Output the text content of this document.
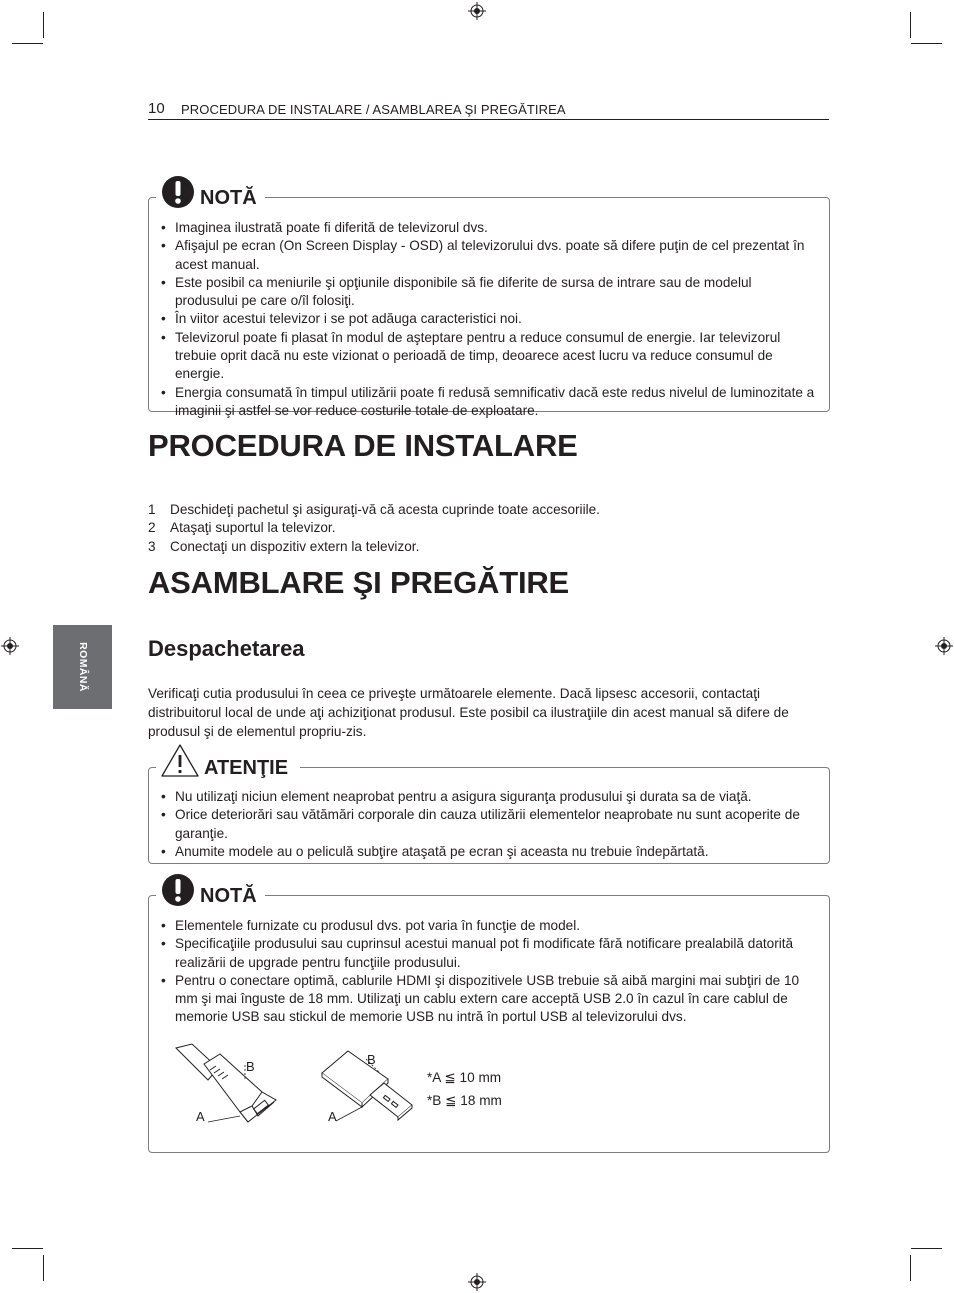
10 PROCEDURA DE INSTALARE / ASAMBLAREA ŞI PREGĂTIREA
ROMÂNĂ
NOTĂ
• Imaginea ilustrată poate fi diferită de televizorul dvs.
• Afişajul pe ecran (On Screen Display - OSD) al televizorului dvs. poate să difere puţin de cel prezentat în acest manual.
• Este posibil ca meniurile şi opţiunile disponibile să fie diferite de sursa de intrare sau de modelul produsului pe care o/îl folosiţi.
• În viitor acestui televizor i se pot adăuga caracteristici noi.
• Televizorul poate fi plasat în modul de aşteptare pentru a reduce consumul de energie. Iar televizorul trebuie oprit dacă nu este vizionat o perioadă de timp, deoarece acest lucru va reduce consumul de energie.
• Energia consumată în timpul utilizării poate fi redusă semnificativ dacă este redus nivelul de luminozitate a imaginii şi astfel se vor reduce costurile totale de exploatare.
PROCEDURA DE INSTALARE
1 Deschideţi pachetul şi asiguraţi-vă că acesta cuprinde toate accesoriile.
2 Ataşaţi suportul la televizor.
3 Conectaţi un dispozitiv extern la televizor.
ASAMBLARE ŞI PREGĂTIRE
Despachetarea

Verificaţi cutia produsului în ceea ce priveşte următoarele elemente. Dacă lipsesc accesorii, contactaţi distribuitorul local de unde aţi achiziţionat produsul. Este posibil ca ilustraţiile din acest manual să difere de produsul şi de elementul propriu-zis.

ATENŢIE
• Nu utilizaţi niciun element neaprobat pentru a asigura siguranţa produsului şi durata sa de viaţă.
• Orice deteriorări sau vătămări corporale din cauza utilizării elementelor neaprobate nu sunt acoperite de garanţie.
• Anumite modele au o peliculă subţire ataşată pe ecran şi aceasta nu trebuie îndepărtată.
NOTĂ
• Elementele furnizate cu produsul dvs. pot varia în funcţie de model.
• Specificaţiile produsului sau cuprinsul acestui manual pot fi modificate fără notificare prealabilă datorită realizării de upgrade pentru funcţiile produsului.
• Pentru o conectare optimă, cablurile HDMI şi dispozitivele USB trebuie să aibă margini mai subţiri de 10 mm şi mai înguste de 18 mm. Utilizaţi un cablu extern care acceptă USB 2.0 în cazul în care cablul de memorie USB sau stickul de memorie USB nu intră în portul USB al televizorului dvs.
B
A
B
A
*A ≦ 10 mm
*B ≦ 18 mm
